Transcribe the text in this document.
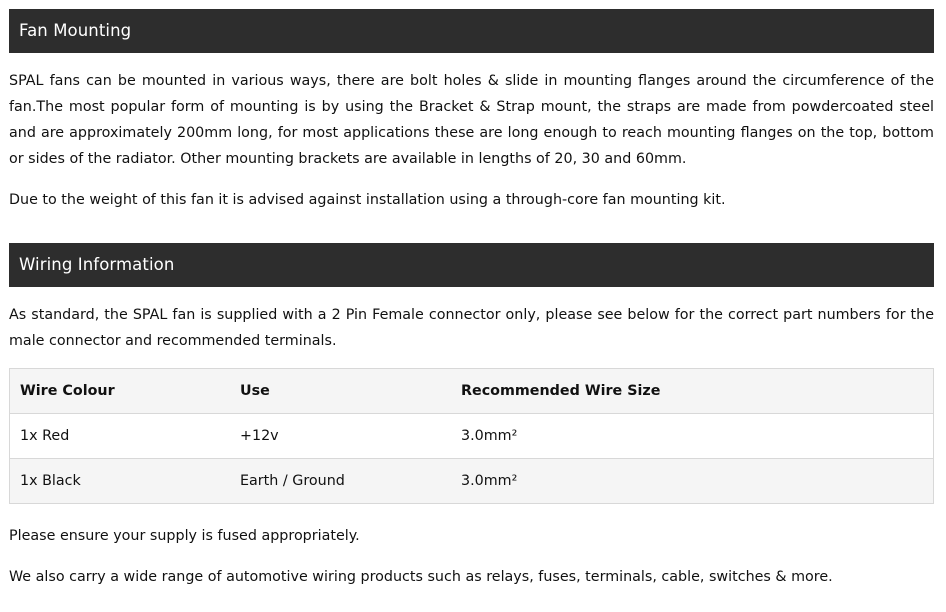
Fan Mounting

SPAL fans can be mounted in various ways, there are bolt holes & slide in mounting flanges around the circumference of the fan.The most popular form of mounting is by using the Bracket & Strap mount, the straps are made from powdercoated steel and are approximately 200mm long, for most applications these are long enough to reach mounting flanges on the top, bottom or sides of the radiator. Other mounting brackets are available in lengths of 20, 30 and 60mm.

Due to the weight of this fan it is advised against installation using a through-core fan mounting kit.

Wiring Information

As standard, the SPAL fan is supplied with a 2 Pin Female connector only, please see below for the correct part numbers for the male connector and recommended terminals.

Wire Colour	Use	Recommended Wire Size
1x Red	+12v	3.0mm²
1x Black	Earth / Ground	3.0mm²

Please ensure your supply is fused appropriately.

We also carry a wide range of automotive wiring products such as relays, fuses, terminals, cable, switches & more.
